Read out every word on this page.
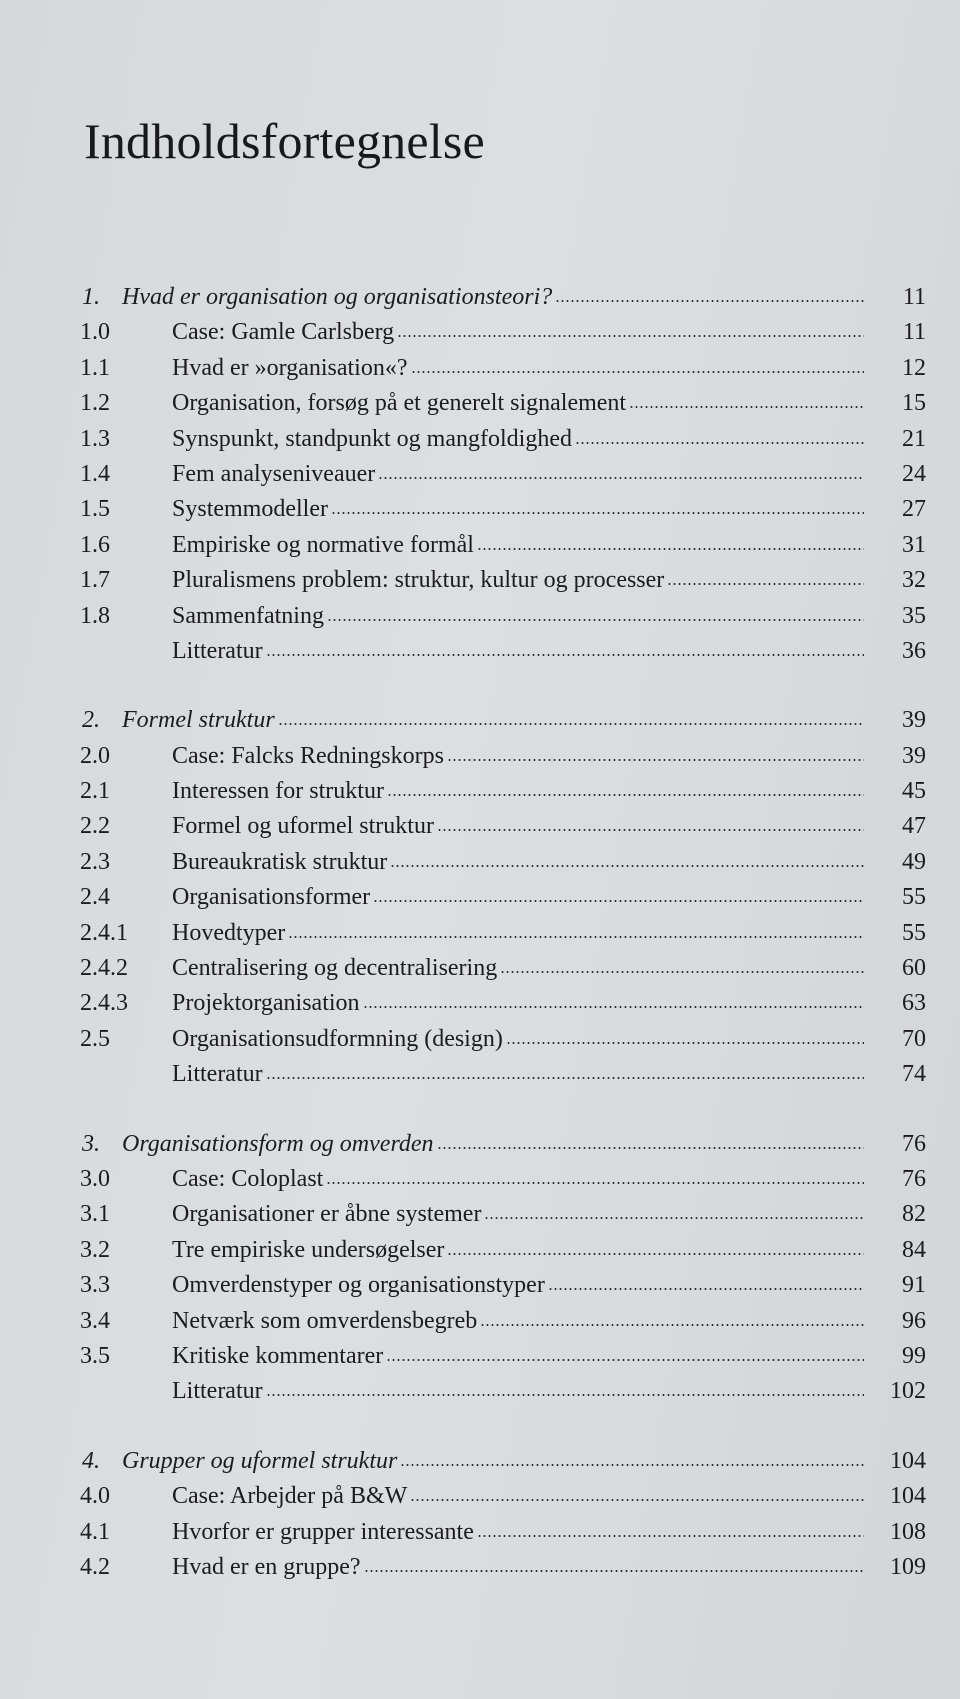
Indholdsfortegnelse
1. Hvad er organisation og organisationsteori?	11
1.0	Case: Gamle Carlsberg	11
1.1	Hvad er »organisation«?	12
1.2	Organisation, forsøg på et generelt signalement	15
1.3	Synspunkt, standpunkt og mangfoldighed	21
1.4	Fem analyseniveauer	24
1.5	Systemmodeller	27
1.6	Empiriske og normative formål	31
1.7	Pluralismens problem: struktur, kultur og processer	32
1.8	Sammenfatning	35
Litteratur	36
2. Formel struktur	39
2.0	Case: Falcks Redningskorps	39
2.1	Interessen for struktur	45
2.2	Formel og uformel struktur	47
2.3	Bureaukratisk struktur	49
2.4	Organisationsformer	55
2.4.1	Hovedtyper	55
2.4.2	Centralisering og decentralisering	60
2.4.3	Projektorganisation	63
2.5	Organisationsudformning (design)	70
Litteratur	74
3. Organisationsform og omverden	76
3.0	Case: Coloplast	76
3.1	Organisationer er åbne systemer	82
3.2	Tre empiriske undersøgelser	84
3.3	Omverdenstyper og organisationstyper	91
3.4	Netværk som omverdensbegreb	96
3.5	Kritiske kommentarer	99
Litteratur	102
4. Grupper og uformel struktur	104
4.0	Case: Arbejder på B&W	104
4.1	Hvorfor er grupper interessante	108
4.2	Hvad er en gruppe?	109
